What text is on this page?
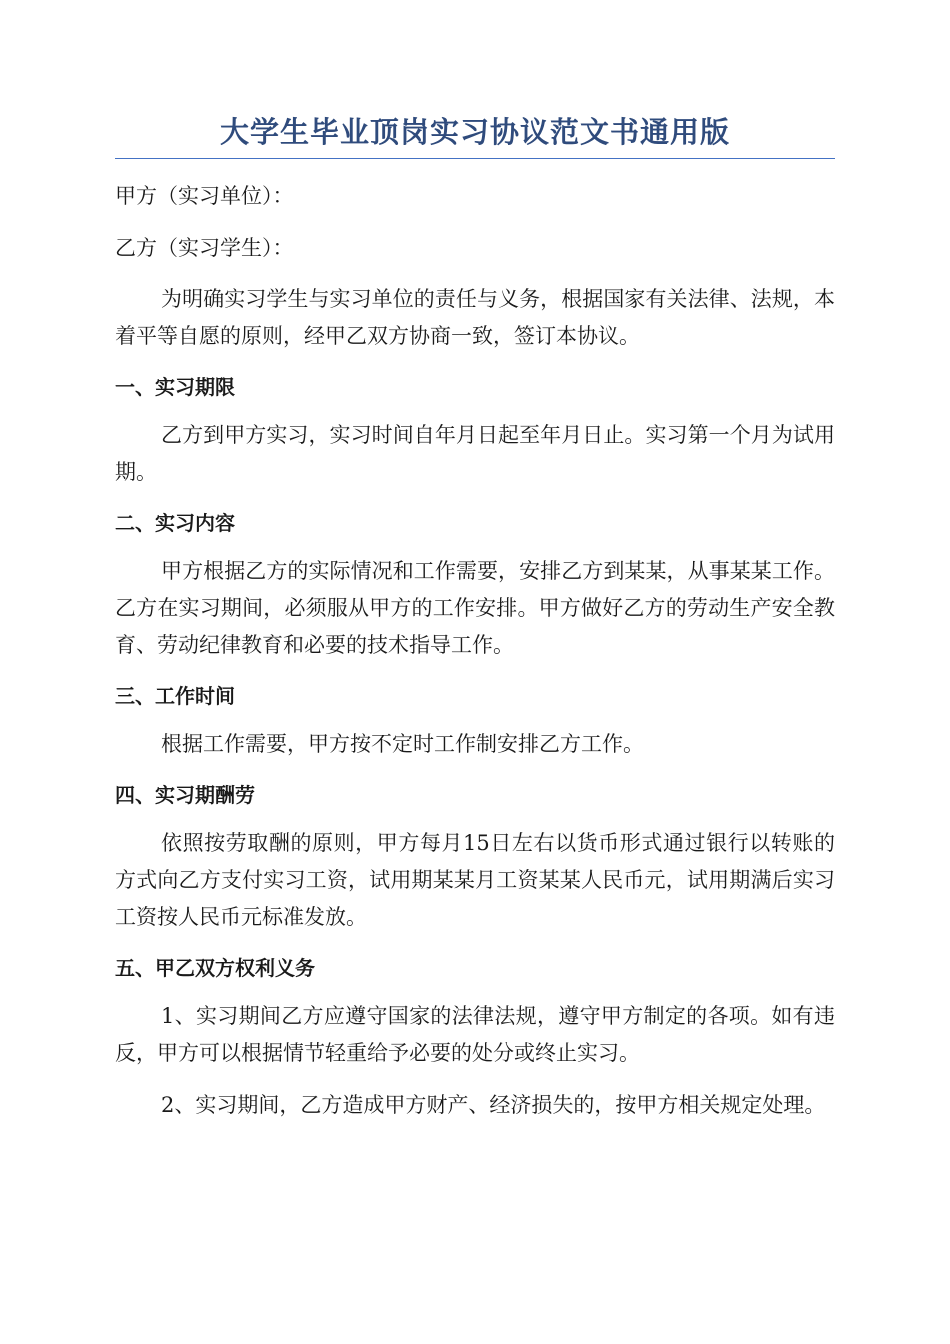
大学生毕业顶岗实习协议范文书通用版

甲方（实习单位）：

乙方（实习学生）：

为明确实习学生与实习单位的责任与义务，根据国家有关法律、法规，本着平等自愿的原则，经甲乙双方协商一致，签订本协议。

一、实习期限

乙方到甲方实习，实习时间自年月日起至年月日止。实习第一个月为试用期。

二、实习内容

甲方根据乙方的实际情况和工作需要，安排乙方到某某，从事某某工作。乙方在实习期间，必须服从甲方的工作安排。甲方做好乙方的劳动生产安全教育、劳动纪律教育和必要的技术指导工作。

三、工作时间

根据工作需要，甲方按不定时工作制安排乙方工作。

四、实习期酬劳

依照按劳取酬的原则，甲方每月15日左右以货币形式通过银行以转账的方式向乙方支付实习工资，试用期某某月工资某某人民币元，试用期满后实习工资按人民币元标准发放。

五、甲乙双方权利义务

1、实习期间乙方应遵守国家的法律法规，遵守甲方制定的各项。如有违反，甲方可以根据情节轻重给予必要的处分或终止实习。

2、实习期间，乙方造成甲方财产、经济损失的，按甲方相关规定处理。
